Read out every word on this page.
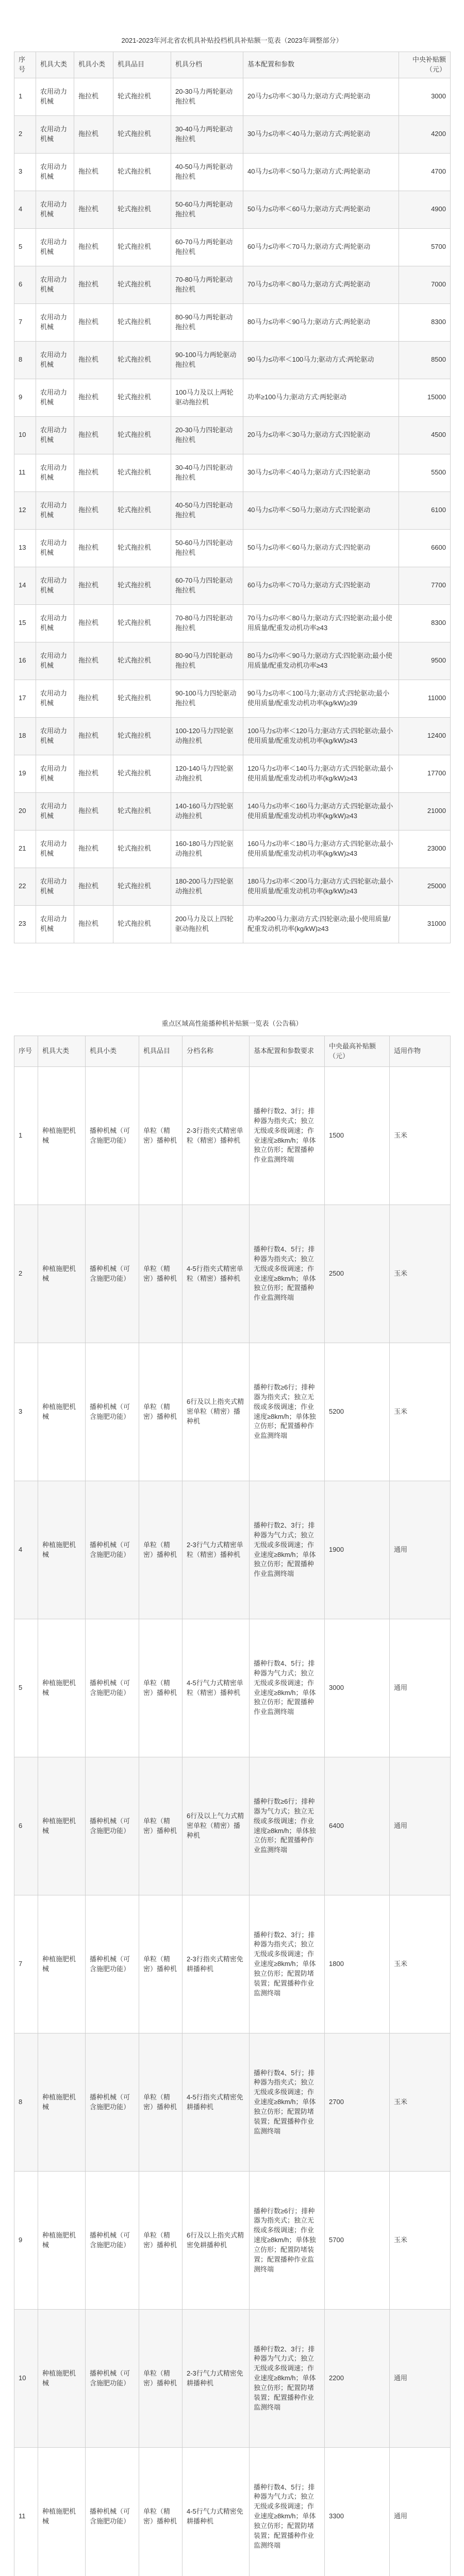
2021-2023年河北省农机具补贴投档机具补贴额一览表（2023年调整部分）
序号	机具大类	机具小类	机具品目	机具分档	基本配置和参数	中央补贴额（元）
1	农用动力机械	拖拉机	轮式拖拉机	20-30马力两轮驱动拖拉机	20马力≤功率＜30马力;驱动方式:两轮驱动	3000
2	农用动力机械	拖拉机	轮式拖拉机	30-40马力两轮驱动拖拉机	30马力≤功率＜40马力;驱动方式:两轮驱动	4200
3	农用动力机械	拖拉机	轮式拖拉机	40-50马力两轮驱动拖拉机	40马力≤功率＜50马力;驱动方式:两轮驱动	4700
4	农用动力机械	拖拉机	轮式拖拉机	50-60马力两轮驱动拖拉机	50马力≤功率＜60马力;驱动方式:两轮驱动	4900
5	农用动力机械	拖拉机	轮式拖拉机	60-70马力两轮驱动拖拉机	60马力≤功率＜70马力;驱动方式:两轮驱动	5700
6	农用动力机械	拖拉机	轮式拖拉机	70-80马力两轮驱动拖拉机	70马力≤功率＜80马力;驱动方式:两轮驱动	7000
7	农用动力机械	拖拉机	轮式拖拉机	80-90马力两轮驱动拖拉机	80马力≤功率＜90马力;驱动方式:两轮驱动	8300
8	农用动力机械	拖拉机	轮式拖拉机	90-100马力两轮驱动拖拉机	90马力≤功率＜100马力;驱动方式:两轮驱动	8500
9	农用动力机械	拖拉机	轮式拖拉机	100马力及以上两轮驱动拖拉机	功率≥100马力;驱动方式:两轮驱动	15000
10	农用动力机械	拖拉机	轮式拖拉机	20-30马力四轮驱动拖拉机	20马力≤功率＜30马力;驱动方式:四轮驱动	4500
11	农用动力机械	拖拉机	轮式拖拉机	30-40马力四轮驱动拖拉机	30马力≤功率＜40马力;驱动方式:四轮驱动	5500
12	农用动力机械	拖拉机	轮式拖拉机	40-50马力四轮驱动拖拉机	40马力≤功率＜50马力;驱动方式:四轮驱动	6100
13	农用动力机械	拖拉机	轮式拖拉机	50-60马力四轮驱动拖拉机	50马力≤功率＜60马力;驱动方式:四轮驱动	6600
14	农用动力机械	拖拉机	轮式拖拉机	60-70马力四轮驱动拖拉机	60马力≤功率＜70马力;驱动方式:四轮驱动	7700
15	农用动力机械	拖拉机	轮式拖拉机	70-80马力四轮驱动拖拉机	70马力≤功率＜80马力;驱动方式:四轮驱动;最小使用质量/配重发动机功率≥43	8300
16	农用动力机械	拖拉机	轮式拖拉机	80-90马力四轮驱动拖拉机	80马力≤功率＜90马力;驱动方式:四轮驱动;最小使用质量/配重发动机功率≥43	9500
17	农用动力机械	拖拉机	轮式拖拉机	90-100马力四轮驱动拖拉机	90马力≤功率＜100马力;驱动方式:四轮驱动;最小使用质量/配重发动机功率(kg/kW)≥39	11000
18	农用动力机械	拖拉机	轮式拖拉机	100-120马力四轮驱动拖拉机	100马力≤功率＜120马力;驱动方式:四轮驱动;最小使用质量/配重发动机功率(kg/kW)≥43	12400
19	农用动力机械	拖拉机	轮式拖拉机	120-140马力四轮驱动拖拉机	120马力≤功率＜140马力;驱动方式:四轮驱动;最小使用质量/配重发动机功率(kg/kW)≥43	17700
20	农用动力机械	拖拉机	轮式拖拉机	140-160马力四轮驱动拖拉机	140马力≤功率＜160马力;驱动方式:四轮驱动;最小使用质量/配重发动机功率(kg/kW)≥43	21000
21	农用动力机械	拖拉机	轮式拖拉机	160-180马力四轮驱动拖拉机	160马力≤功率＜180马力;驱动方式:四轮驱动;最小使用质量/配重发动机功率(kg/kW)≥43	23000
22	农用动力机械	拖拉机	轮式拖拉机	180-200马力四轮驱动拖拉机	180马力≤功率＜200马力;驱动方式:四轮驱动;最小使用质量/配重发动机功率(kg/kW)≥43	25000
23	农用动力机械	拖拉机	轮式拖拉机	200马力及以上四轮驱动拖拉机	功率≥200马力;驱动方式:四轮驱动;最小使用质量/配重发动机功率(kg/kW)≥43	31000
重点区域高性能播种机补贴额一览表（公告稿）
序号	机具大类	机具小类	机具品目	分档名称	基本配置和参数要求	中央最高补贴额（元）	适用作物
1	种植施肥机械	播种机械（可含施肥功能）	单粒（精密）播种机	2-3行指夹式精密单粒（精密）播种机	播种行数2、3行；排种器为指夹式；独立无级或多级调速；作业速度≥8km/h；单体独立仿形；配置播种作业监测终端	1500	玉米
2	种植施肥机械	播种机械（可含施肥功能）	单粒（精密）播种机	4-5行指夹式精密单粒（精密）播种机	播种行数4、5行；排种器为指夹式；独立无级或多级调速；作业速度≥8km/h；单体独立仿形；配置播种作业监测终端	2500	玉米
3	种植施肥机械	播种机械（可含施肥功能）	单粒（精密）播种机	6行及以上指夹式精密单粒（精密）播种机	播种行数≥6行；排种器为指夹式；独立无级或多级调速；作业速度≥8km/h；单体独立仿形；配置播种作业监测终端	5200	玉米
4	种植施肥机械	播种机械（可含施肥功能）	单粒（精密）播种机	2-3行气力式精密单粒（精密）播种机	播种行数2、3行；排种器为气力式；独立无级或多级调速；作业速度≥8km/h；单体独立仿形；配置播种作业监测终端	1900	通用
5	种植施肥机械	播种机械（可含施肥功能）	单粒（精密）播种机	4-5行气力式精密单粒（精密）播种机	播种行数4、5行；排种器为气力式；独立无级或多级调速；作业速度≥8km/h；单体独立仿形；配置播种作业监测终端	3000	通用
6	种植施肥机械	播种机械（可含施肥功能）	单粒（精密）播种机	6行及以上气力式精密单粒（精密）播种机	播种行数≥6行；排种器为气力式；独立无级或多级调速；作业速度≥8km/h；单体独立仿形；配置播种作业监测终端	6400	通用
7	种植施肥机械	播种机械（可含施肥功能）	单粒（精密）播种机	2-3行指夹式精密免耕播种机	播种行数2、3行；排种器为指夹式；独立无级或多级调速；作业速度≥8km/h；单体独立仿形；配置防堵装置；配置播种作业监测终端	1800	玉米
8	种植施肥机械	播种机械（可含施肥功能）	单粒（精密）播种机	4-5行指夹式精密免耕播种机	播种行数4、5行；排种器为指夹式；独立无级或多级调速；作业速度≥8km/h；单体独立仿形；配置防堵装置；配置播种作业监测终端	2700	玉米
9	种植施肥机械	播种机械（可含施肥功能）	单粒（精密）播种机	6行及以上指夹式精密免耕播种机	播种行数≥6行；排种器为指夹式；独立无级或多级调速；作业速度≥8km/h；单体独立仿形；配置防堵装置；配置播种作业监测终端	5700	玉米
10	种植施肥机械	播种机械（可含施肥功能）	单粒（精密）播种机	2-3行气力式精密免耕播种机	播种行数2、3行；排种器为气力式；独立无级或多级调速；作业速度≥8km/h；单体独立仿形；配置防堵装置；配置播种作业监测终端	2200	通用
11	种植施肥机械	播种机械（可含施肥功能）	单粒（精密）播种机	4-5行气力式精密免耕播种机	播种行数4、5行；排种器为气力式；独立无级或多级调速；作业速度≥8km/h；单体独立仿形；配置防堵装置；配置播种作业监测终端	3300	通用
